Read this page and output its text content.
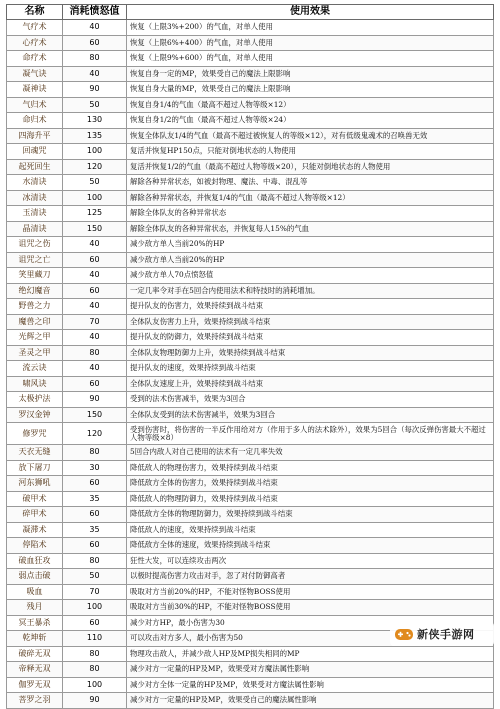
名称	消耗愤怒值	使用效果
气疗术	40	恢复（上限3%+200）的气血，对单人使用
心疗术	60	恢复（上限6%+400）的气血，对单人使用
命疗术	80	恢复（上限9%+600）的气血，对单人使用
凝气诀	40	恢复自身一定的MP，效果受自己的魔法上限影响
凝神诀	90	恢复自身大量的MP，效果受自己的魔法上限影响
气归术	50	恢复自身1/4的气血（最高不超过人物等级×12）
命归术	130	恢复自身1/2的气血（最高不超过人物等级×24）
四海升平	135	恢复全体队友1/4的气血（最高不超过被恢复人的等级×12），对有低级鬼魂术的召唤兽无效
回魂咒	100	复活并恢复HP150点，只能对倒地状态的人物使用
起死回生	120	复活并恢复1/2的气血（最高不超过人物等级×20），只能对倒地状态的人物使用
水清诀	50	解除各种异常状态，如被封物理、魔法、中毒、混乱等
冰清诀	100	解除各种异常状态，并恢复1/4的气血（最高不超过人物等级×12）
玉清诀	125	解除全体队友的各种异常状态
晶清诀	150	解除全体队友的各种异常状态，并恢复每人15%的气血
诅咒之伤	40	减少敌方单人当前20%的HP
诅咒之亡	60	减少敌方单人当前20%的HP
笑里藏刀	40	减少敌方单人70点愤怒值
绝幻魔音	60	一定几率令对手在5回合内使用法术和特技时的消耗增加。
野兽之力	40	提升队友的伤害力，效果持续到战斗结束
魔兽之印	70	全体队友伤害力上升，效果持续到战斗结束
光辉之甲	40	提升队友的防御力，效果持续到战斗结束
圣灵之甲	80	全体队友物理防御力上升，效果持续到战斗结束
流云诀	40	提升队友的速度，效果持续到战斗结束
啸风诀	60	全体队友速度上升，效果持续到战斗结束
太极护法	90	受到的法术伤害减半，效果为3回合
罗汉金钟	150	全体队友受到的法术伤害减半，效果为3回合
修罗咒	120	受到伤害时，将伤害的一半反作用给对方（作用于多人的法术除外），效果为5回合（每次反弹伤害最大不超过人物等级×8）
天衣无缝	80	5回合内敌人对自己使用的法术有一定几率失效
放下屠刀	30	降低敌人的物理伤害力，效果持续到战斗结束
河东狮吼	60	降低敌方全体的伤害力，效果持续到战斗结束
破甲术	35	降低敌人的物理防御力，效果持续到战斗结束
碎甲术	60	降低敌方全体的物理防御力，效果持续到战斗结束
凝滞术	35	降低敌人的速度，效果持续到战斗结束
停陷术	60	降低敌方全体的速度，效果持续到战斗结束
破血狂攻	80	狂性大发，可以连续攻击两次
弱点击破	50	以极时提高伤害力攻击对手，忽了对付防御高者
吸血	70	吸取对方当前20%的HP，不能对怪物BOSS使用
残月	100	吸取对方当前30%的HP，不能对怪物BOSS使用
冥王暴杀	60	减少对方HP，最小伤害为30
乾坤斩	110	可以攻击对方多人，最小伤害为50
破碎无双	80	物理攻击敌人，并减少敌人HP及MP损失相同的MP
帝释无双	80	减少对方一定量的HP及MP，效果受对方魔法属性影响
伽罗无双	100	减少对方全体一定量的HP及MP，效果受对方魔法属性影响
菩罗之羽	90	减少对方一定量的HP及MP，效果受自己的魔法属性影响
新侠手游网
